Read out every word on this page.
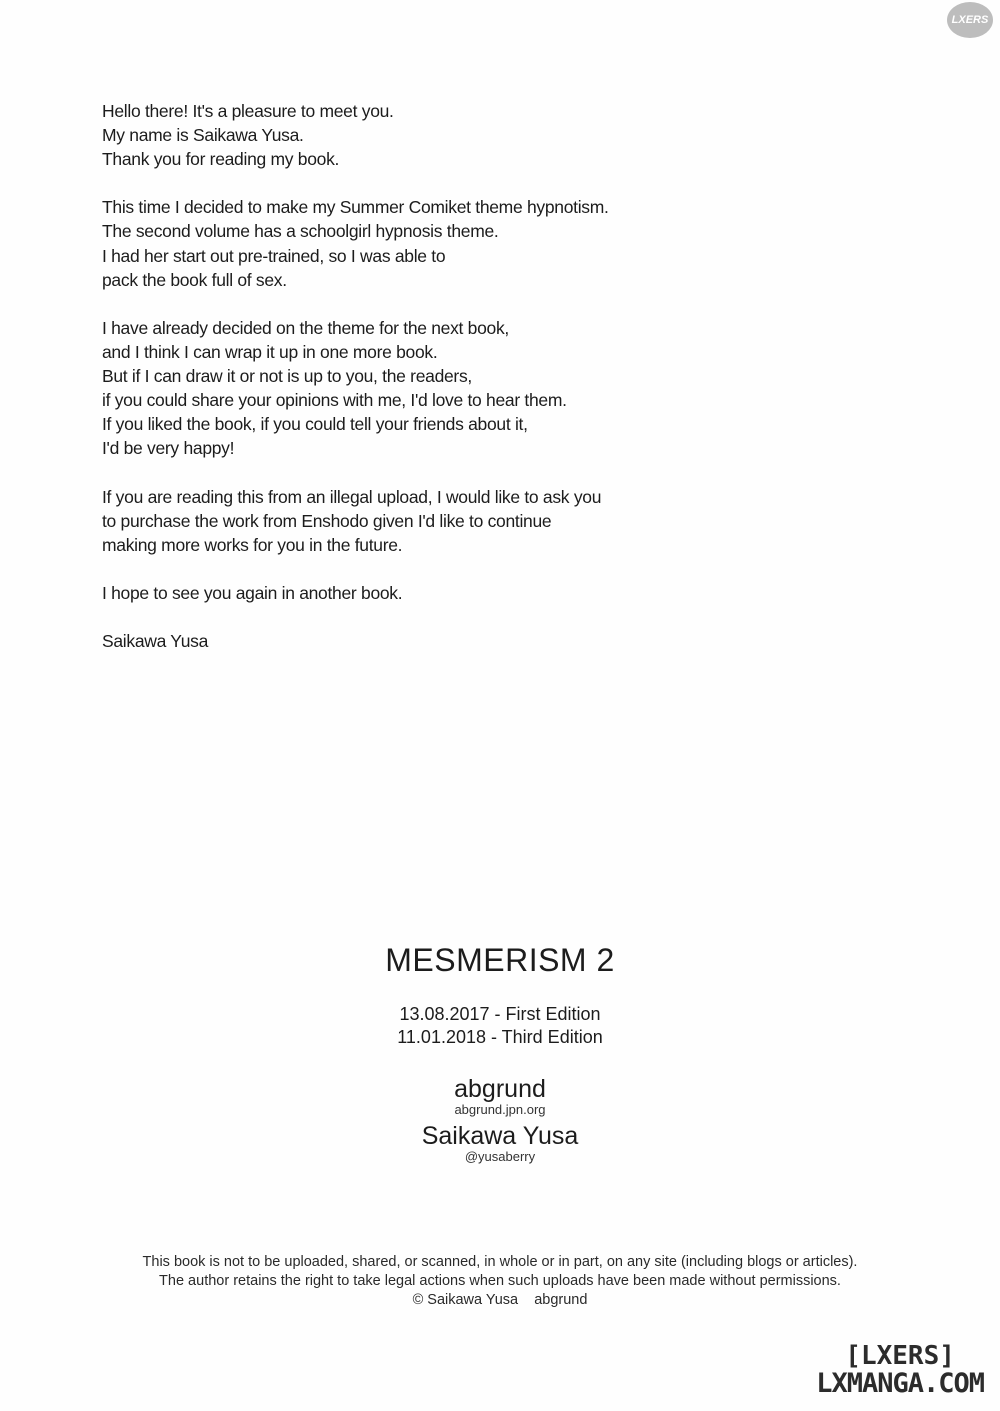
LXERS

Hello there! It's a pleasure to meet you.
My name is Saikawa Yusa.
Thank you for reading my book.

This time I decided to make my Summer Comiket theme hypnotism.
The second volume has a schoolgirl hypnosis theme.
I had her start out pre-trained, so I was able to
pack the book full of sex.

I have already decided on the theme for the next book,
and I think I can wrap it up in one more book.
But if I can draw it or not is up to you, the readers,
if you could share your opinions with me, I'd love to hear them.
If you liked the book, if you could tell your friends about it,
I'd be very happy!

If you are reading this from an illegal upload, I would like to ask you
to purchase the work from Enshodo given I'd like to continue
making more works for you in the future.

I hope to see you again in another book.

Saikawa Yusa

MESMERISM 2
13.08.2017 - First Edition
11.01.2018 - Third Edition
abgrund
abgrund.jpn.org
Saikawa Yusa
@yusaberry
This book is not to be uploaded, shared, or scanned, in whole or in part, on any site (including blogs or articles).
The author retains the right to take legal actions when such uploads have been made without permissions.
© Saikawa Yusa    abgrund
[LXERS]
LXMANGA.COM
